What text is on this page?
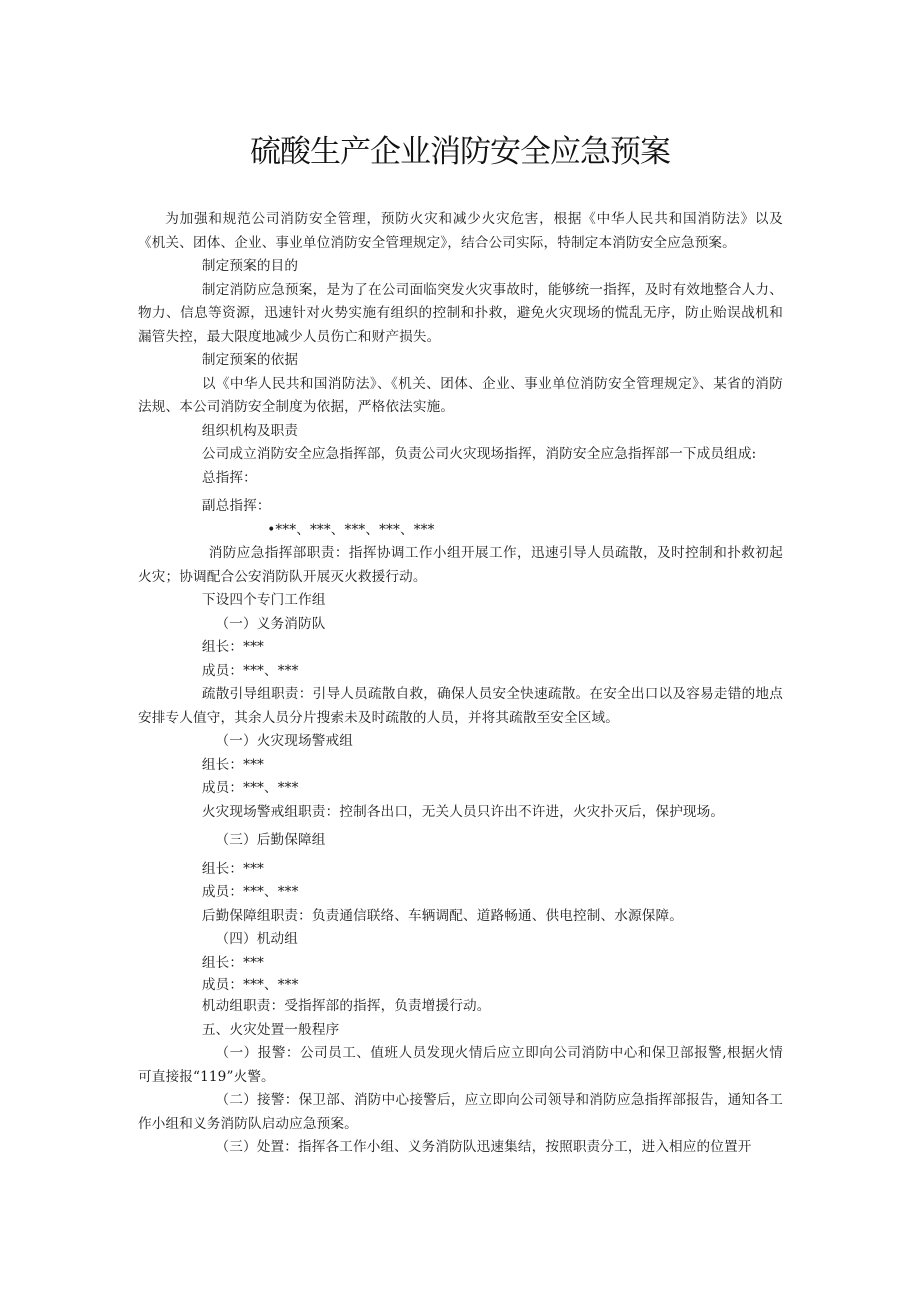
硫酸生产企业消防安全应急预案

为加强和规范公司消防安全管理，预防火灾和减少火灾危害，根据《中华人民共和国消防法》以及《机关、团体、企业、事业单位消防安全管理规定》，结合公司实际，特制定本消防安全应急预案。

制定预案的目的

制定消防应急预案，是为了在公司面临突发火灾事故时，能够统一指挥，及时有效地整合人力、物力、信息等资源，迅速针对火势实施有组织的控制和扑救，避免火灾现场的慌乱无序，防止贻误战机和漏管失控，最大限度地减少人员伤亡和财产损失。

制定预案的依据

以《中华人民共和国消防法》、《机关、团体、企业、事业单位消防安全管理规定》、某省的消防法规、本公司消防安全制度为依据，严格依法实施。

组织机构及职责

公司成立消防安全应急指挥部，负责公司火灾现场指挥，消防安全应急指挥部一下成员组成:

总指挥：

副总指挥：

•***、***、***、***、***

消防应急指挥部职责：指挥协调工作小组开展工作，迅速引导人员疏散，及时控制和扑救初起火灾；协调配合公安消防队开展灭火救援行动。

下设四个专门工作组

（一）义务消防队

组长：***

成员：***、***

疏散引导组职责：引导人员疏散自救，确保人员安全快速疏散。在安全出口以及容易走错的地点安排专人值守，其余人员分片搜索未及时疏散的人员，并将其疏散至安全区域。

（一）火灾现场警戒组

组长：***

成员：***、***

火灾现场警戒组职责：控制各出口，无关人员只许出不许进，火灾扑灭后，保护现场。

（三）后勤保障组

组长：***

成员：***、***

后勤保障组职责：负责通信联络、车辆调配、道路畅通、供电控制、水源保障。

（四）机动组

组长：***

成员：***、***

机动组职责：受指挥部的指挥，负责增援行动。

五、火灾处置一般程序

（一）报警：公司员工、值班人员发现火情后应立即向公司消防中心和保卫部报警,根据火情可直接报“119”火警。

（二）接警：保卫部、消防中心接警后，应立即向公司领导和消防应急指挥部报告，通知各工作小组和义务消防队启动应急预案。

（三）处置：指挥各工作小组、义务消防队迅速集结，按照职责分工，进入相应的位置开
